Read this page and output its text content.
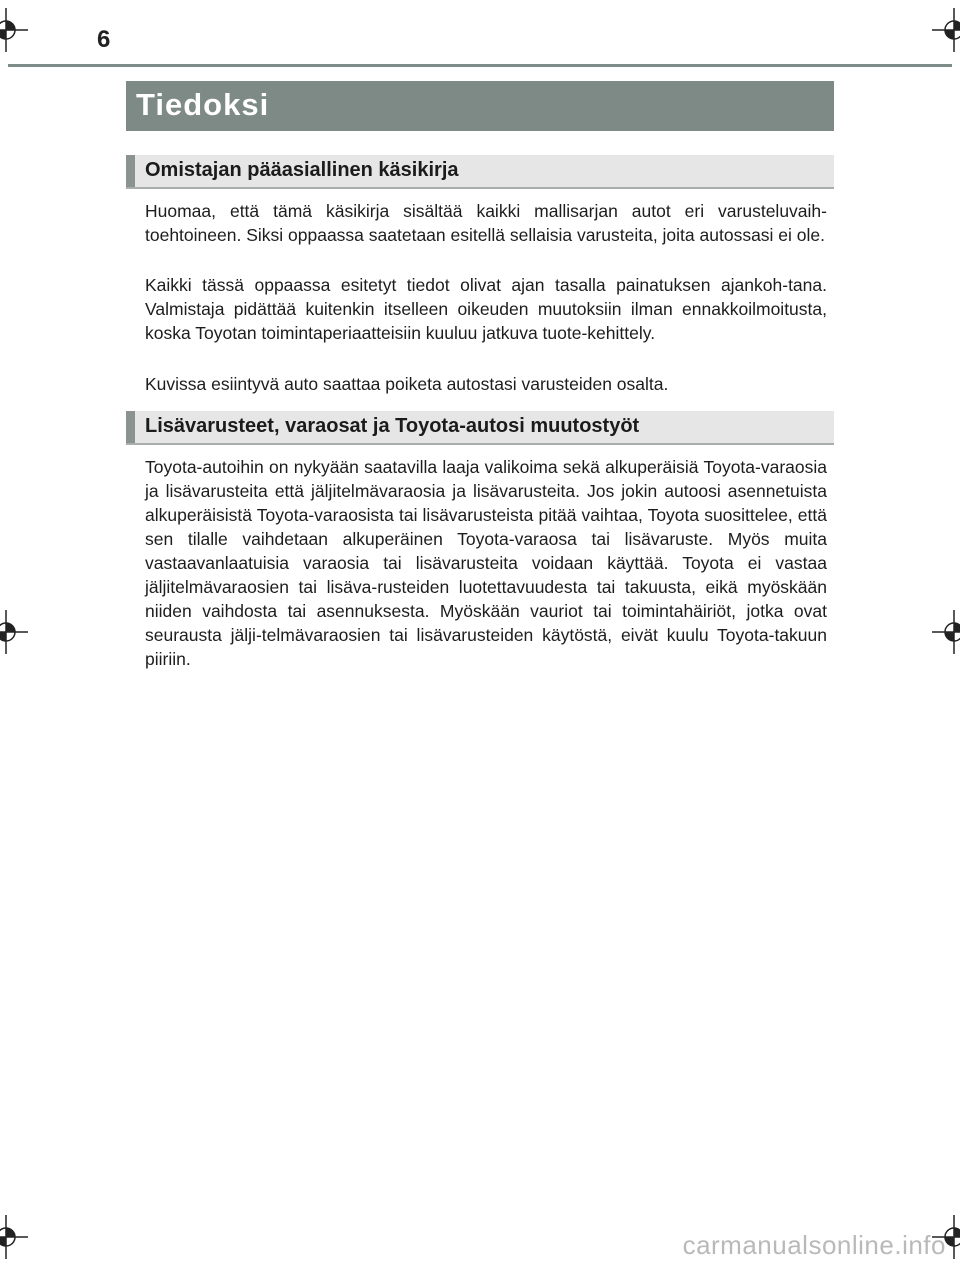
6
Tiedoksi
Omistajan pääasiallinen käsikirja

Huomaa, että tämä käsikirja sisältää kaikki mallisarjan autot eri varusteluvaih-toehtoineen. Siksi oppaassa saatetaan esitellä sellaisia varusteita, joita autossasi ei ole.

Kaikki tässä oppaassa esitetyt tiedot olivat ajan tasalla painatuksen ajankoh-tana. Valmistaja pidättää kuitenkin itselleen oikeuden muutoksiin ilman ennakkoilmoitusta, koska Toyotan toimintaperiaatteisiin kuuluu jatkuva tuote-kehittely.

Kuvissa esiintyvä auto saattaa poiketa autostasi varusteiden osalta.

Lisävarusteet, varaosat ja Toyota-autosi muutostyöt

Toyota-autoihin on nykyään saatavilla laaja valikoima sekä alkuperäisiä Toyota-varaosia ja lisävarusteita että jäljitelmävaraosia ja lisävarusteita. Jos jokin autoosi asennetuista alkuperäisistä Toyota-varaosista tai lisävarusteista pitää vaihtaa, Toyota suosittelee, että sen tilalle vaihdetaan alkuperäinen Toyota-varaosa tai lisävaruste. Myös muita vastaavanlaatuisia varaosia tai lisävarusteita voidaan käyttää. Toyota ei vastaa jäljitelmävaraosien tai lisäva-rusteiden luotettavuudesta tai takuusta, eikä myöskään niiden vaihdosta tai asennuksesta. Myöskään vauriot tai toimintahäiriöt, jotka ovat seurausta jälji-telmävaraosien tai lisävarusteiden käytöstä, eivät kuulu Toyota-takuun piiriin.

carmanualsonline.info
